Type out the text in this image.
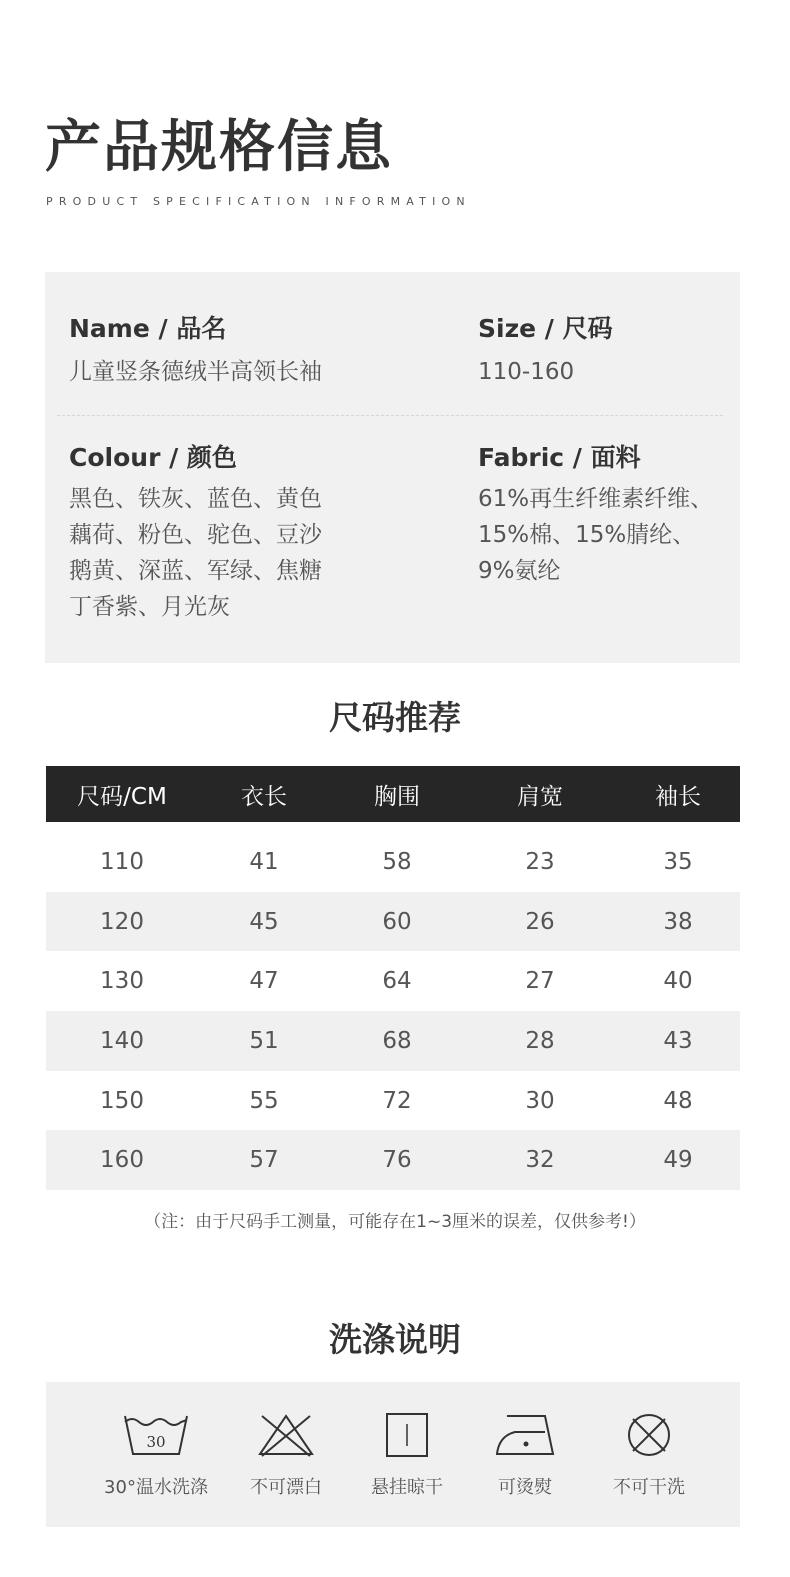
产品规格信息
PRODUCT SPECIFICATION INFORMATION
Name / 品名
儿童竖条德绒半高领长袖
Size / 尺码
110-160
Colour / 颜色
黑色、铁灰、蓝色、黄色
藕荷、粉色、驼色、豆沙
鹅黄、深蓝、军绿、焦糖
丁香紫、月光灰
Fabric / 面料
61%再生纤维素纤维、
15%棉、15%腈纶、
9%氨纶
尺码推荐
尺码/CM	衣长	胸围	肩宽	袖长
110	41	58	23	35
120	45	60	26	38
130	47	64	27	40
140	51	68	28	43
150	55	72	30	48
160	57	76	32	49
（注：由于尺码手工测量，可能存在1~3厘米的误差，仅供参考!）
洗涤说明
30
30°温水洗涤	不可漂白	悬挂晾干	可烫熨	不可干洗
